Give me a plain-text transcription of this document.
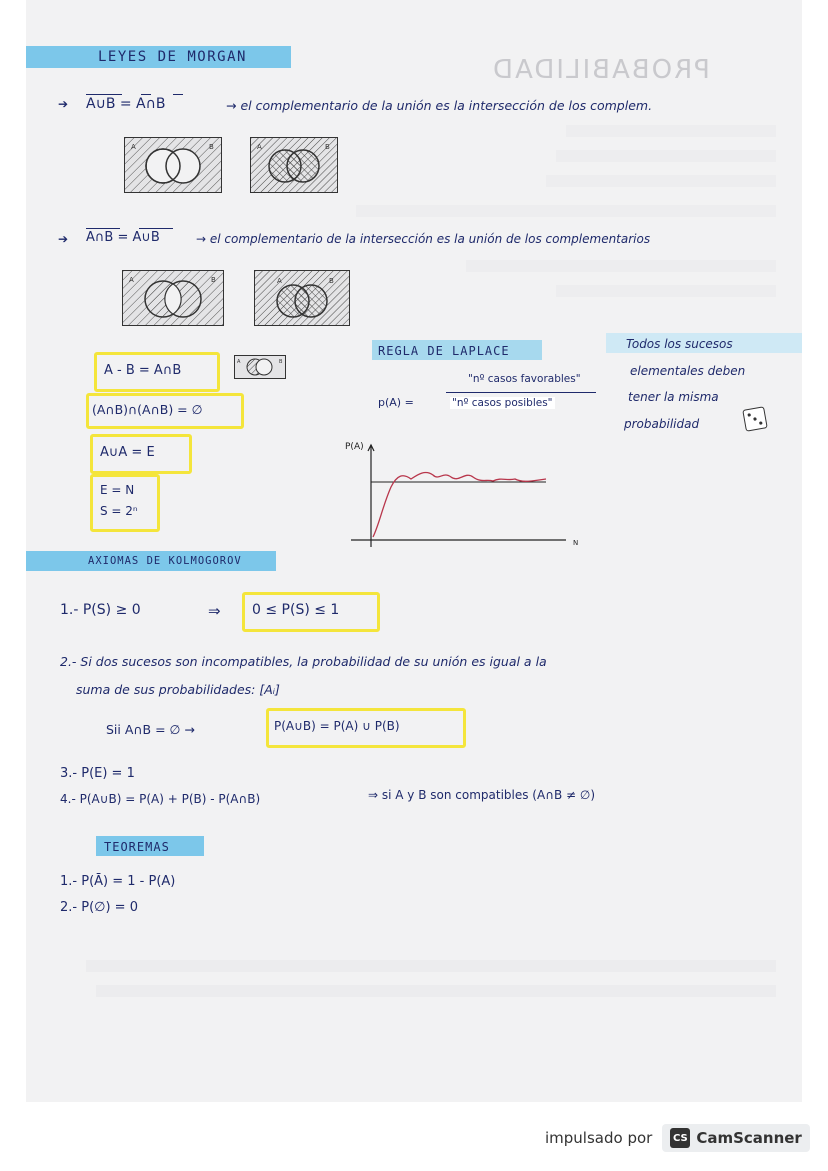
PROBABILIDAD
LEYES DE MORGAN
➔ A∪B = A∩B	→ el complementario de la unión es la intersección de los complem.
A	B	A	B
➔ A∩B = A∪B	→ el complementario de la intersección es la unión de los complementarios
A	B	A	B
A - B = A∩B
A	B
(A∩B)∩(A∩B) = ∅
A∪A = E
E = N
S = 2ⁿ
REGLA DE LAPLACE
p(A) =
"nº casos favorables"
"nº casos posibles"
Todos los sucesos
elementales deben
tener la misma
probabilidad
P(A)
N
AXIOMAS DE KOLMOGOROV
1.- P(S) ≥ 0	⇒ 0 ≤ P(S) ≤ 1
2.- Si dos sucesos son incompatibles, la probabilidad de su unión es igual a la
suma de sus probabilidades: [Aᵢ]
Sii A∩B = ∅ →	P(A∪B) = P(A) ∪ P(B)
3.- P(E) = 1
4.- P(A∪B) = P(A) + P(B) - P(A∩B)	⇒ si A y B son compatibles (A∩B ≠ ∅)
TEOREMAS
1.- P(Ā) = 1 - P(A)
2.- P(∅) = 0
impulsado por CS CamScanner
